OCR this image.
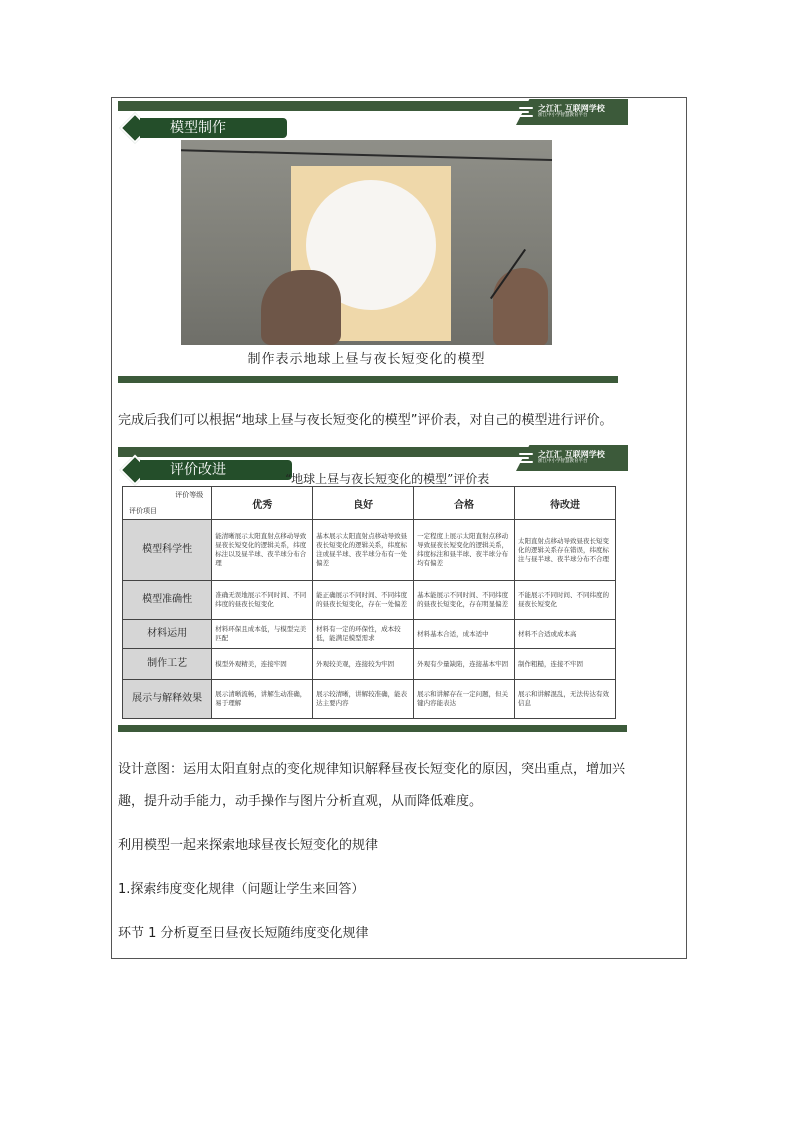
之江汇 互联网学校
浙江中小学智慧教育平台
模型制作
制作表示地球上昼与夜长短变化的模型
完成后我们可以根据“地球上昼与夜长短变化的模型”评价表，对自己的模型进行评价。
之江汇 互联网学校
浙江中小学智慧教育平台
评价改进
“地球上昼与夜长短变化的模型”评价表
评价等级
评价项目	优秀	良好	合格	待改进
模型科学性	能清晰展示太阳直射点移动导致昼夜长短变化的逻辑关系，纬度标注以及昼半球、夜半球分布合理	基本展示太阳直射点移动导致昼夜长短变化的逻辑关系，纬度标注或昼半球、夜半球分布有一处偏差	一定程度上展示太阳直射点移动导致昼夜长短变化的逻辑关系，纬度标注和昼半球、夜半球分布均有偏差	太阳直射点移动导致昼夜长短变化的逻辑关系存在错误，纬度标注与昼半球、夜半球分布不合理
模型准确性	准确无误地展示不同时间、不同纬度的昼夜长短变化	能正确展示不同时间、不同纬度的昼夜长短变化，存在一处偏差	基本能展示不同时间、不同纬度的昼夜长短变化，存在明显偏差	不能展示不同时间、不同纬度的昼夜长短变化
材料运用	材料环保且成本低，与模型完美匹配	材料有一定的环保性，成本较低，能满足模型需求	材料基本合适，成本适中	材料不合适或成本高
制作工艺	模型外观精美，连接牢固	外观较美观，连接较为牢固	外观有少量缺陷，连接基本牢固	制作粗糙，连接不牢固
展示与解释效果	展示清晰流畅，讲解生动准确，易于理解	展示较清晰，讲解较准确，能表达主要内容	展示和讲解存在一定问题，但关键内容能表达	展示和讲解混乱，无法传达有效信息
设计意图：运用太阳直射点的变化规律知识解释昼夜长短变化的原因，突出重点，增加兴
趣，提升动手能力，动手操作与图片分析直观，从而降低难度。
利用模型一起来探索地球昼夜长短变化的规律
1.探索纬度变化规律（问题让学生来回答）
环节 1 分析夏至日昼夜长短随纬度变化规律
